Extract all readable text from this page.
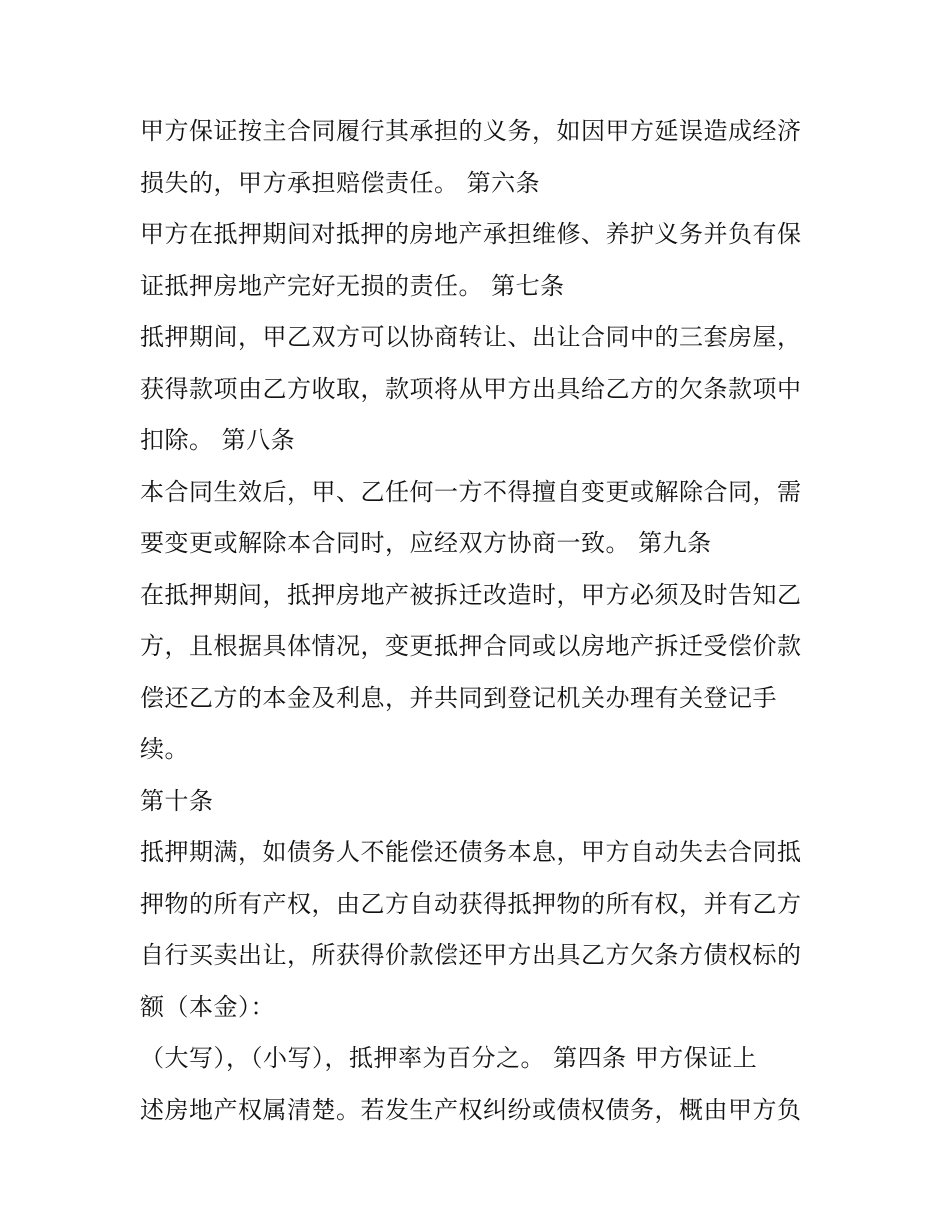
甲方保证按主合同履行其承担的义务，如因甲方延误造成经济
损失的，甲方承担赔偿责任。 第六条
甲方在抵押期间对抵押的房地产承担维修、养护义务并负有保
证抵押房地产完好无损的责任。 第七条
抵押期间，甲乙双方可以协商转让、出让合同中的三套房屋，
获得款项由乙方收取，款项将从甲方出具给乙方的欠条款项中
扣除。 第八条
本合同生效后，甲、乙任何一方不得擅自变更或解除合同，需
要变更或解除本合同时，应经双方协商一致。 第九条
在抵押期间，抵押房地产被拆迁改造时，甲方必须及时告知乙
方，且根据具体情况，变更抵押合同或以房地产拆迁受偿价款
偿还乙方的本金及利息，并共同到登记机关办理有关登记手
续。
第十条
抵押期满，如债务人不能偿还债务本息，甲方自动失去合同抵
押物的所有产权，由乙方自动获得抵押物的所有权，并有乙方
自行买卖出让，所获得价款偿还甲方出具乙方欠条方债权标的
额（本金）：
（大写），（小写），抵押率为百分之。 第四条 甲方保证上
述房地产权属清楚。若发生产权纠纷或债权债务，概由甲方负
